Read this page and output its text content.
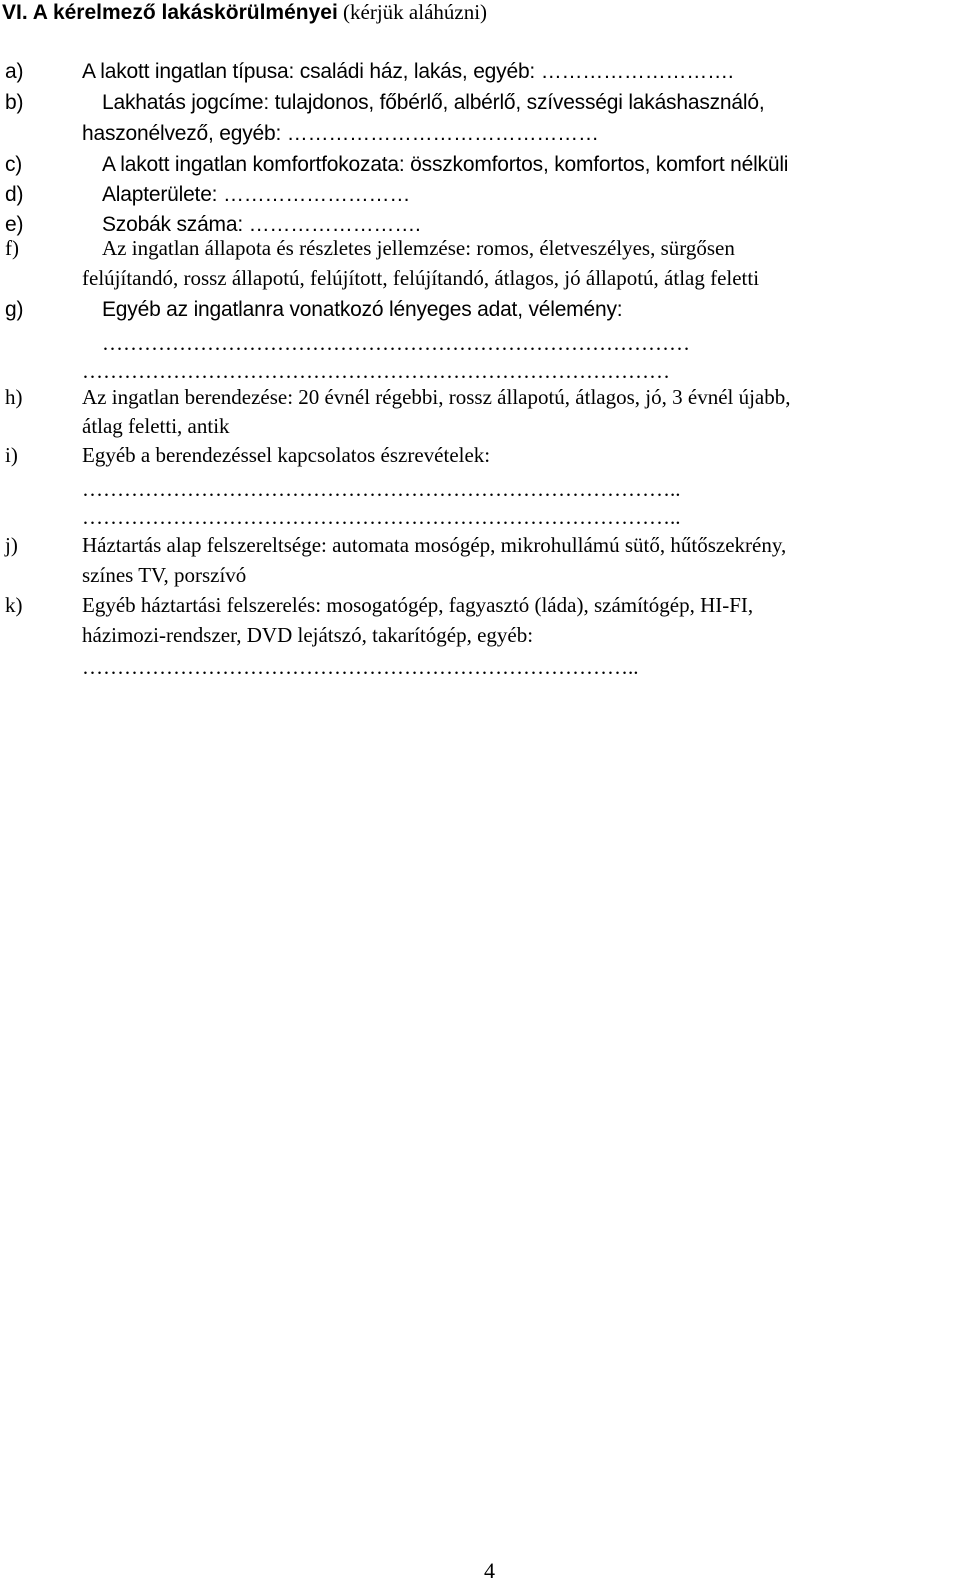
VI. A kérelmező lakáskörülményei (kérjük aláhúzni)
a)	A lakott ingatlan típusa: családi ház, lakás, egyéb: ……………………….
b)	Lakhatás jogcíme: tulajdonos, főbérlő, albérlő, szívességi lakáshasználó,
haszonélvező, egyéb: ………………………………………
c)	A lakott ingatlan komfortfokozata: összkomfortos, komfortos, komfort nélküli
d)	Alapterülete: ………………………
e)	Szobák száma: …………………….
f)	Az ingatlan állapota és részletes jellemzése: romos, életveszélyes, sürgősen
felújítandó, rossz állapotú, felújított, felújítandó, átlagos, jó állapotú, átlag feletti
g)	Egyéb az ingatlanra vonatkozó lényeges adat, vélemény:
…………………………………………………………………………
…………………………………………………………………………
h)	Az ingatlan berendezése: 20 évnél régebbi, rossz állapotú, átlagos, jó, 3 évnél újabb,
átlag feletti, antik
i)	Egyéb a berendezéssel kapcsolatos észrevételek:
…………………………………………………………………………..
…………………………………………………………………………..
j)	Háztartás alap felszereltsége: automata mosógép, mikrohullámú sütő, hűtőszekrény,
színes TV, porszívó
k)	Egyéb háztartási felszerelés: mosogatógép, fagyasztó (láda), számítógép, HI-FI,
házimozi-rendszer, DVD lejátszó, takarítógép, egyéb:
……………………………………………………………………..
4
